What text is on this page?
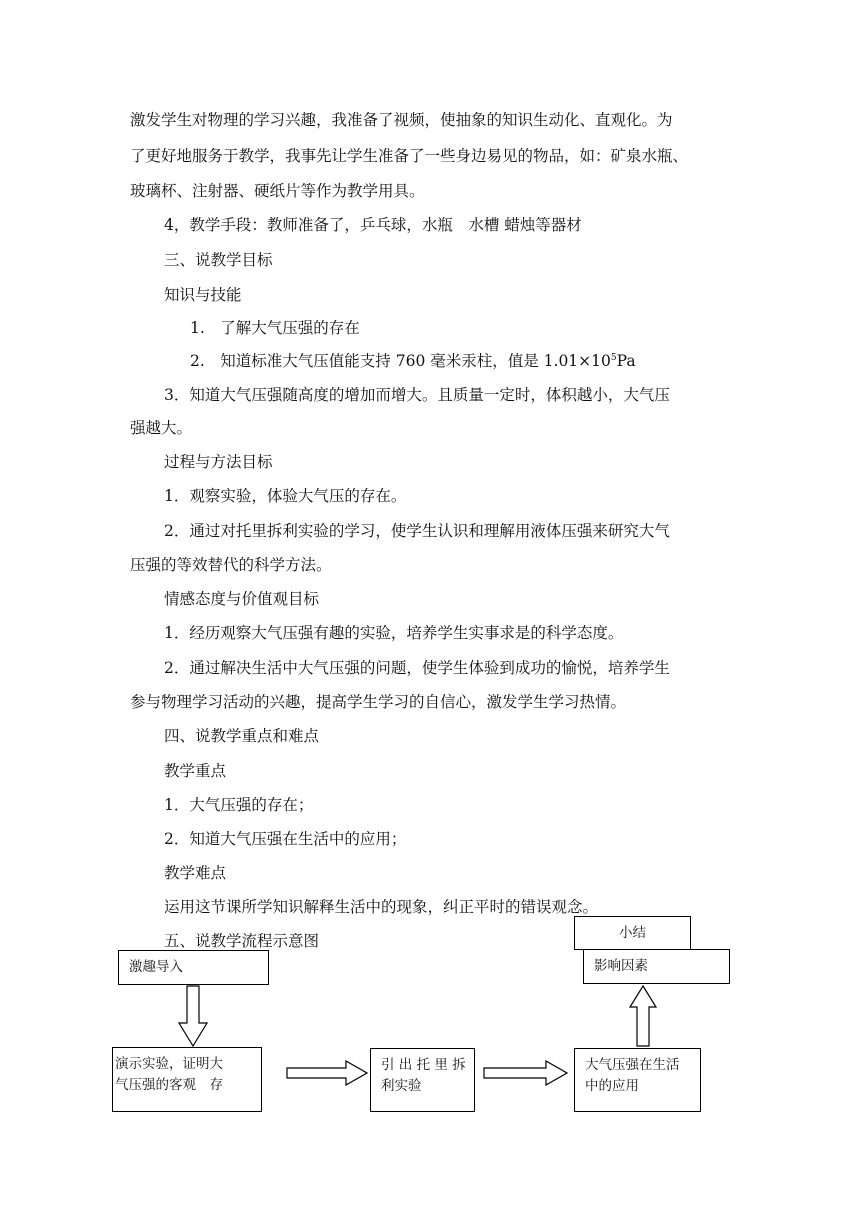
激发学生对物理的学习兴趣，我准备了视频，使抽象的知识生动化、直观化。为
了更好地服务于教学，我事先让学生准备了一些身边易见的物品，如：矿泉水瓶、
玻璃杯、注射器、硬纸片等作为教学用具。
4，教学手段：教师准备了，乒乓球，水瓶　水槽 蜡烛等器材
三、说教学目标
知识与技能
1.　了解大气压强的存在
2.　知道标准大气压值能支持 760 毫米汞柱，值是 $1.01\times 10^5Pa$
3．知道大气压强随高度的增加而增大。且质量一定时，体积越小，大气压
强越大。
过程与方法目标
1．观察实验，体验大气压的存在。
2．通过对托里拆利实验的学习，使学生认识和理解用液体压强来研究大气
压强的等效替代的科学方法。
情感态度与价值观目标
1．经历观察大气压强有趣的实验，培养学生实事求是的科学态度。
2．通过解决生活中大气压强的问题，使学生体验到成功的愉悦，培养学生
参与物理学习活动的兴趣，提高学生学习的自信心，激发学生学习热情。
四、说教学重点和难点
教学重点
1．大气压强的存在；
2．知道大气压强在生活中的应用；
教学难点
运用这节课所学知识解释生活中的现象，纠正平时的错误观念。
五、说教学流程示意图	小结
激趣导入	影响因素
演示实验，证明大
气压强的客观　存
引 出 托 里 拆
利实验
大气压强在生活
中的应用
